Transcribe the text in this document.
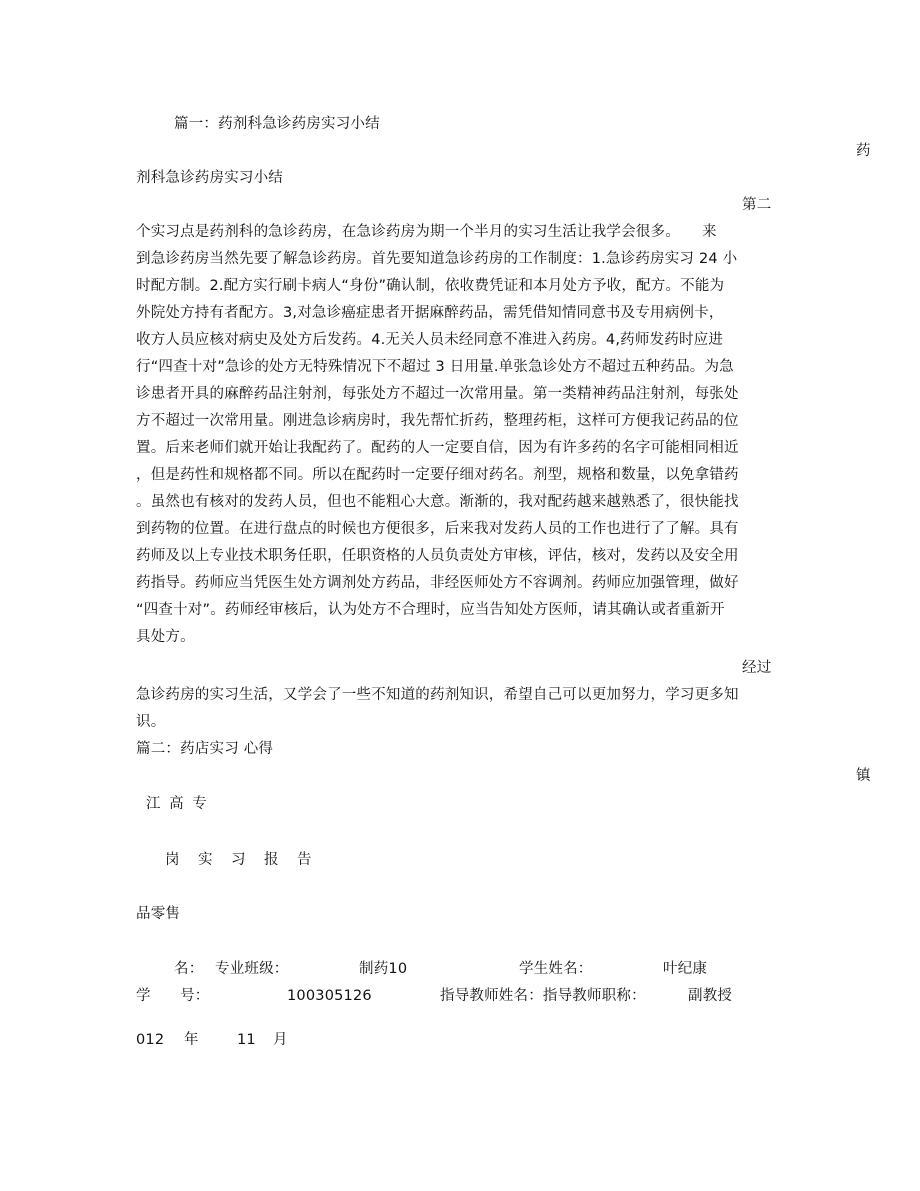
篇一：药剂科急诊药房实习小结
药
剂科急诊药房实习小结
第二
个实习点是药剂科的急诊药房，在急诊药房为期一个半月的实习生活让我学会很多。　　来
到急诊药房当然先要了解急诊药房。首先要知道急诊药房的工作制度：1.急诊药房实习 24 小
时配方制。2.配方实行刷卡病人“身份”确认制，依收费凭证和本月处方予收，配方。不能为
外院处方持有者配方。3,对急诊癌症患者开据麻醉药品，需凭借知情同意书及专用病例卡，
收方人员应核对病史及处方后发药。4.无关人员未经同意不准进入药房。4,药师发药时应进
行“四查十对”急诊的处方无特殊情况下不超过 3 日用量.单张急诊处方不超过五种药品。为急
诊患者开具的麻醉药品注射剂，每张处方不超过一次常用量。第一类精神药品注射剂，每张处
方不超过一次常用量。刚进急诊病房时，我先帮忙折药，整理药柜，这样可方便我记药品的位
置。后来老师们就开始让我配药了。配药的人一定要自信，因为有许多药的名字可能相同相近
，但是药性和规格都不同。所以在配药时一定要仔细对药名。剂型，规格和数量，以免拿错药
。虽然也有核对的发药人员，但也不能粗心大意。渐渐的，我对配药越来越熟悉了，很快能找
到药物的位置。在进行盘点的时候也方便很多，后来我对发药人员的工作也进行了了解。具有
药师及以上专业技术职务任职，任职资格的人员负责处方审核，评估，核对，发药以及安全用
药指导。药师应当凭医生处方调剂处方药品，非经医师处方不容调剂。药师应加强管理，做好
“四查十对”。药师经审核后，认为处方不合理时，应当告知处方医师，请其确认或者重新开
具处方。
经过
急诊药房的实习生活，又学会了一些不知道的药剂知识，希望自己可以更加努力，学习更多知
识。
篇二：药店实习 心得
镇
江 高 专
岗　实　习　报　告
品零售
名： 专业班级：	制药10	学生姓名：	叶纪康
学　　号：	100305126	指导教师姓名：指导教师职称：	副教授
012 年	11 月
